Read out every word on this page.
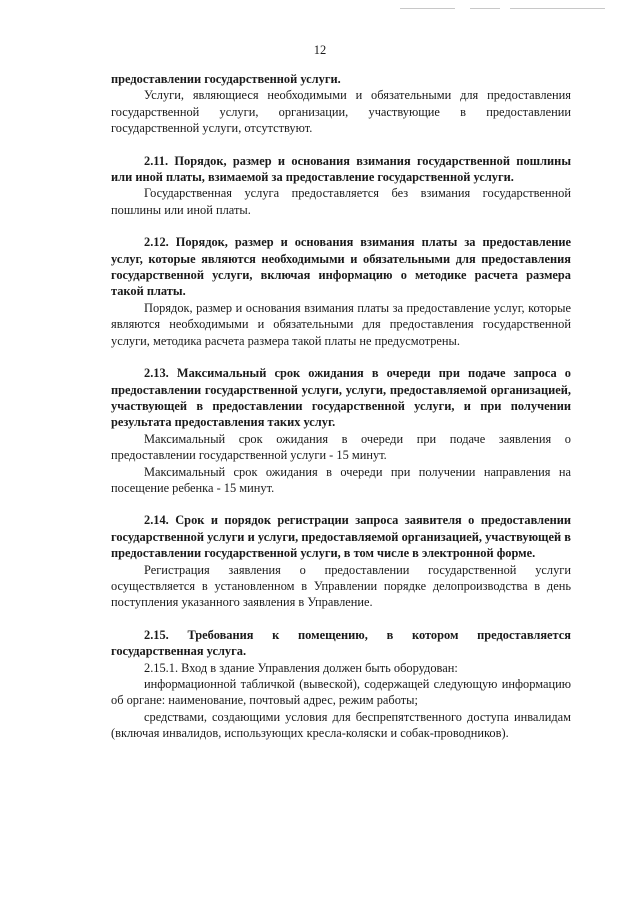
12

предоставлении государственной услуги.

Услуги, являющиеся необходимыми и обязательными для предоставления государственной услуги, организации, участвующие в предоставлении государственной услуги, отсутствуют.

2.11. Порядок, размер и основания взимания государственной пошлины или иной платы, взимаемой за предоставление государственной услуги.

Государственная услуга предоставляется без взимания государственной пошлины или иной платы.

2.12. Порядок, размер и основания взимания платы за предоставление услуг, которые являются необходимыми и обязательными для предоставления государственной услуги, включая информацию о методике расчета размера такой платы.

Порядок, размер и основания взимания платы за предоставление услуг, которые являются необходимыми и обязательными для предоставления государственной услуги, методика расчета размера такой платы не предусмотрены.

2.13. Максимальный срок ожидания в очереди при подаче запроса о предоставлении государственной услуги, услуги, предоставляемой организацией, участвующей в предоставлении государственной услуги, и при получении результата предоставления таких услуг.

Максимальный срок ожидания в очереди при подаче заявления о предоставлении государственной услуги - 15 минут.

Максимальный срок ожидания в очереди при получении направления на посещение ребенка - 15 минут.

2.14. Срок и порядок регистрации запроса заявителя о предоставлении государственной услуги и услуги, предоставляемой организацией, участвующей в предоставлении государственной услуги, в том числе в электронной форме.

Регистрация заявления о предоставлении государственной услуги осуществляется в установленном в Управлении порядке делопроизводства в день поступления указанного заявления в Управление.

2.15. Требования к помещению, в котором предоставляется государственная услуга.

2.15.1. Вход в здание Управления должен быть оборудован:

информационной табличкой (вывеской), содержащей следующую информацию об органе: наименование, почтовый адрес, режим работы;

средствами, создающими условия для беспрепятственного доступа инвалидам (включая инвалидов, использующих кресла-коляски и собак-проводников).
